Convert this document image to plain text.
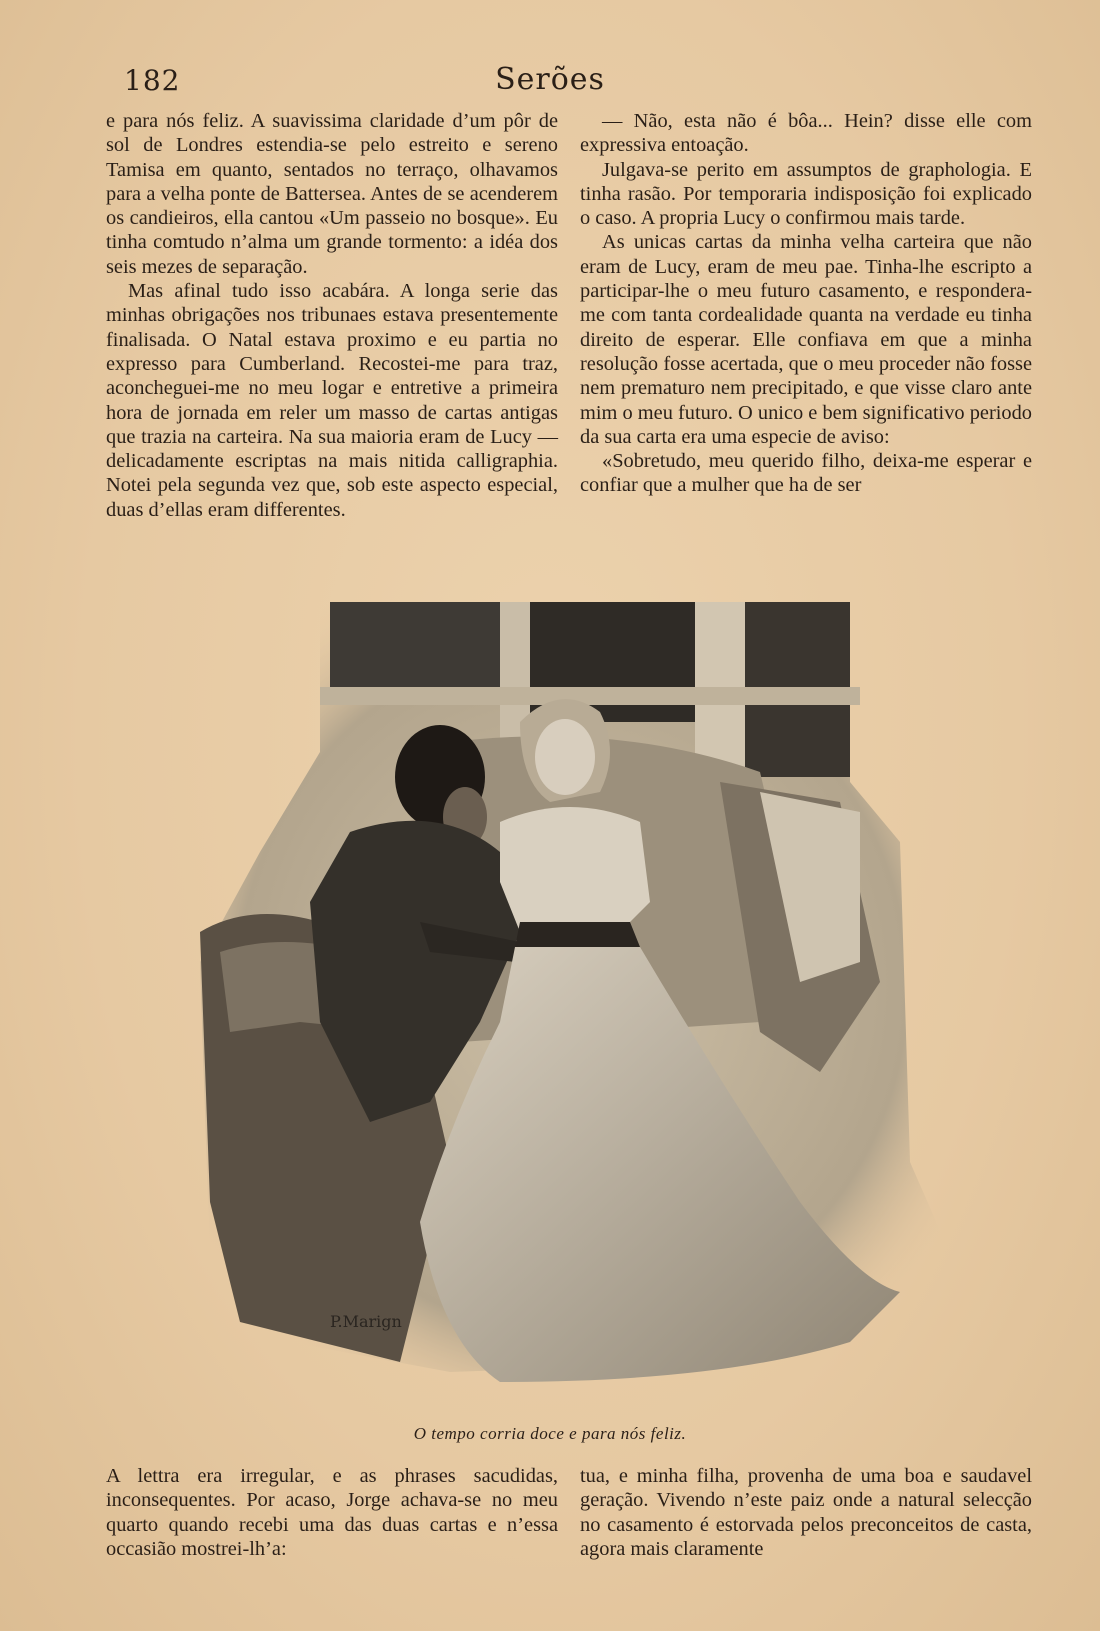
182	Serões

e para nós feliz. A suavissima claridade d’um pôr de sol de Londres estendia-se pelo estreito e sereno Tamisa em quanto, sentados no terraço, olhavamos para a velha ponte de Battersea. Antes de se acenderem os candieiros, ella cantou «Um passeio no bosque». Eu tinha comtudo n’alma um grande tormento: a idéa dos seis mezes de separação.

Mas afinal tudo isso acabára. A longa serie das minhas obrigações nos tribunaes estava presentemente finalisada. O Natal estava proximo e eu partia no expresso para Cumberland. Recostei-me para traz, aconcheguei-me no meu logar e entretive a primeira hora de jornada em reler um masso de cartas antigas que trazia na carteira. Na sua maioria eram de Lucy — delicadamente escriptas na mais nitida calligraphia. Notei pela segunda vez que, sob este aspecto especial, duas d’ellas eram differentes.

— Não, esta não é bôa... Hein? disse elle com expressiva entoação.

Julgava-se perito em assumptos de graphologia. E tinha rasão. Por temporaria indisposição foi explicado o caso. A propria Lucy o confirmou mais tarde.

As unicas cartas da minha velha carteira que não eram de Lucy, eram de meu pae. Tinha-lhe escripto a participar-lhe o meu futuro casamento, e respondera-me com tanta cordealidade quanta na verdade eu tinha direito de esperar. Elle confiava em que a minha resolução fosse acertada, que o meu proceder não fosse nem prematuro nem precipitado, e que visse claro ante mim o meu futuro. O unico e bem significativo periodo da sua carta era uma especie de aviso:

«Sobretudo, meu querido filho, deixa-me esperar e confiar que a mulher que ha de ser

P.Marign
O tempo corria doce e para nós feliz.

A lettra era irregular, e as phrases sacudidas, inconsequentes. Por acaso, Jorge achava-se no meu quarto quando recebi uma das duas cartas e n’essa occasião mostrei-lh’a:

tua, e minha filha, provenha de uma boa e saudavel geração. Vivendo n’este paiz onde a natural selecção no casamento é estorvada pelos preconceitos de casta, agora mais claramente
